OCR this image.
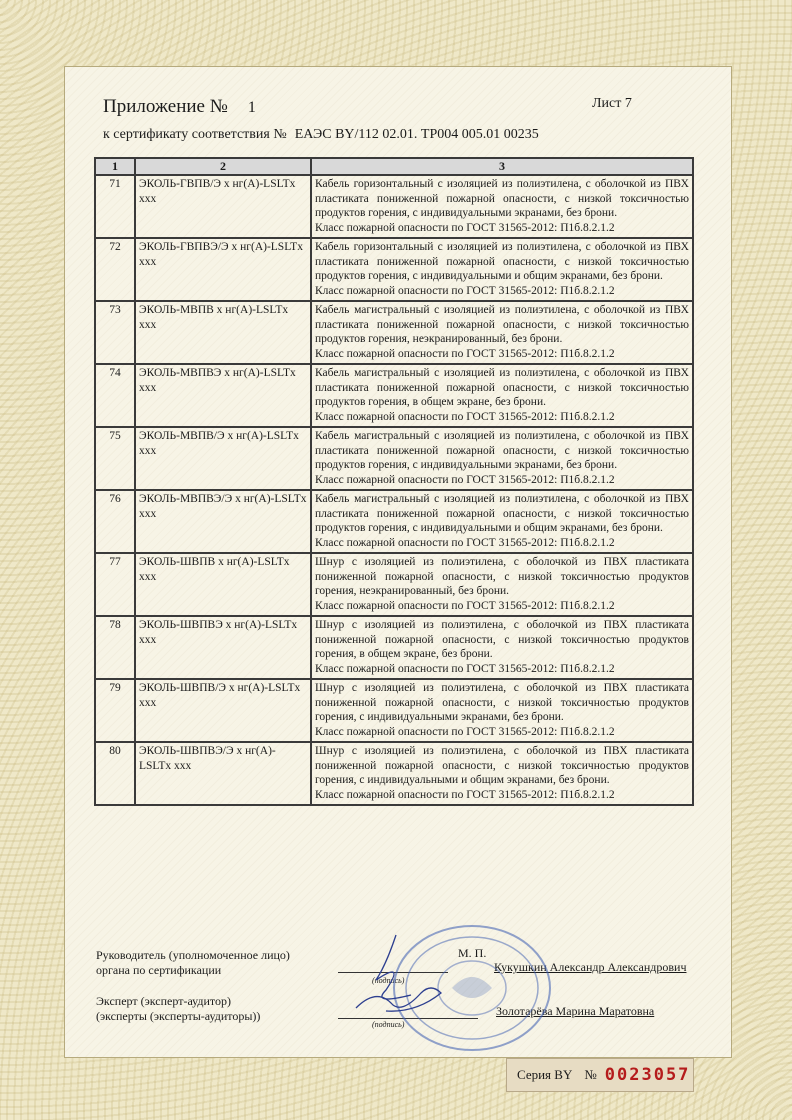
Приложение № 1	Лист 7
к сертификату соответствия № ЕАЭС BY/112 02.01. ТР004 005.01 00235
1	2	3
71	ЭКОЛЬ-ГВПВ/Э х нг(А)-LSLTх ххх	Кабель горизонтальный с изоляцией из полиэтилена, с оболочкой из ПВХ пластиката пониженной пожарной опасности, с низкой токсичностью продуктов горения, с индивидуальными экранами, без брони.
Класс пожарной опасности по ГОСТ 31565-2012: П1б.8.2.1.2

72	ЭКОЛЬ-ГВПВЭ/Э х нг(А)-LSLTх ххх	Кабель горизонтальный с изоляцией из полиэтилена, с оболочкой из ПВХ пластиката пониженной пожарной опасности, с низкой токсичностью продуктов горения, с индивидуальными и общим экранами, без брони.
Класс пожарной опасности по ГОСТ 31565-2012: П1б.8.2.1.2

73	ЭКОЛЬ-МВПВ х нг(А)-LSLTх ххх	Кабель магистральный с изоляцией из полиэтилена, с оболочкой из ПВХ пластиката пониженной пожарной опасности, с низкой токсичностью продуктов горения, неэкранированный, без брони.
Класс пожарной опасности по ГОСТ 31565-2012: П1б.8.2.1.2

74	ЭКОЛЬ-МВПВЭ х нг(А)-LSLTх ххх	Кабель магистральный с изоляцией из полиэтилена, с оболочкой из ПВХ пластиката пониженной пожарной опасности, с низкой токсичностью продуктов горения, в общем экране, без брони.
Класс пожарной опасности по ГОСТ 31565-2012: П1б.8.2.1.2

75	ЭКОЛЬ-МВПВ/Э х нг(А)-LSLTх ххх	Кабель магистральный с изоляцией из полиэтилена, с оболочкой из ПВХ пластиката пониженной пожарной опасности, с низкой токсичностью продуктов горения, с индивидуальными экранами, без брони.
Класс пожарной опасности по ГОСТ 31565-2012: П1б.8.2.1.2

76	ЭКОЛЬ-МВПВЭ/Э х нг(А)-LSLTх ххх	Кабель магистральный с изоляцией из полиэтилена, с оболочкой из ПВХ пластиката пониженной пожарной опасности, с низкой токсичностью продуктов горения, с индивидуальными и общим экранами, без брони.
Класс пожарной опасности по ГОСТ 31565-2012: П1б.8.2.1.2

77	ЭКОЛЬ-ШВПВ х нг(А)-LSLTх ххх	Шнур с изоляцией из полиэтилена, с оболочкой из ПВХ пластиката пониженной пожарной опасности, с низкой токсичностью продуктов горения, неэкранированный, без брони.
Класс пожарной опасности по ГОСТ 31565-2012: П1б.8.2.1.2

78	ЭКОЛЬ-ШВПВЭ х нг(А)-LSLTх ххх	Шнур с изоляцией из полиэтилена, с оболочкой из ПВХ пластиката пониженной пожарной опасности, с низкой токсичностью продуктов горения, в общем экране, без брони.
Класс пожарной опасности по ГОСТ 31565-2012: П1б.8.2.1.2

79	ЭКОЛЬ-ШВПВ/Э х нг(А)-LSLTх ххх	Шнур с изоляцией из полиэтилена, с оболочкой из ПВХ пластиката пониженной пожарной опасности, с низкой токсичностью продуктов горения, с индивидуальными экранами, без брони.
Класс пожарной опасности по ГОСТ 31565-2012: П1б.8.2.1.2

80	ЭКОЛЬ-ШВПВЭ/Э х нг(А)-LSLTх ххх	Шнур с изоляцией из полиэтилена, с оболочкой из ПВХ пластиката пониженной пожарной опасности, с низкой токсичностью продуктов горения, с индивидуальными и общим экранами, без брони.
Класс пожарной опасности по ГОСТ 31565-2012: П1б.8.2.1.2
Руководитель (уполномоченное лицо)
органа по сертификации
М. П.
Кукушкин Александр Александрович
(подпись)
Эксперт (эксперт-аудитор)
(эксперты (эксперты-аудиторы))	Золотарёва Марина Маратовна
(подпись)
Серия BY № 0023057
